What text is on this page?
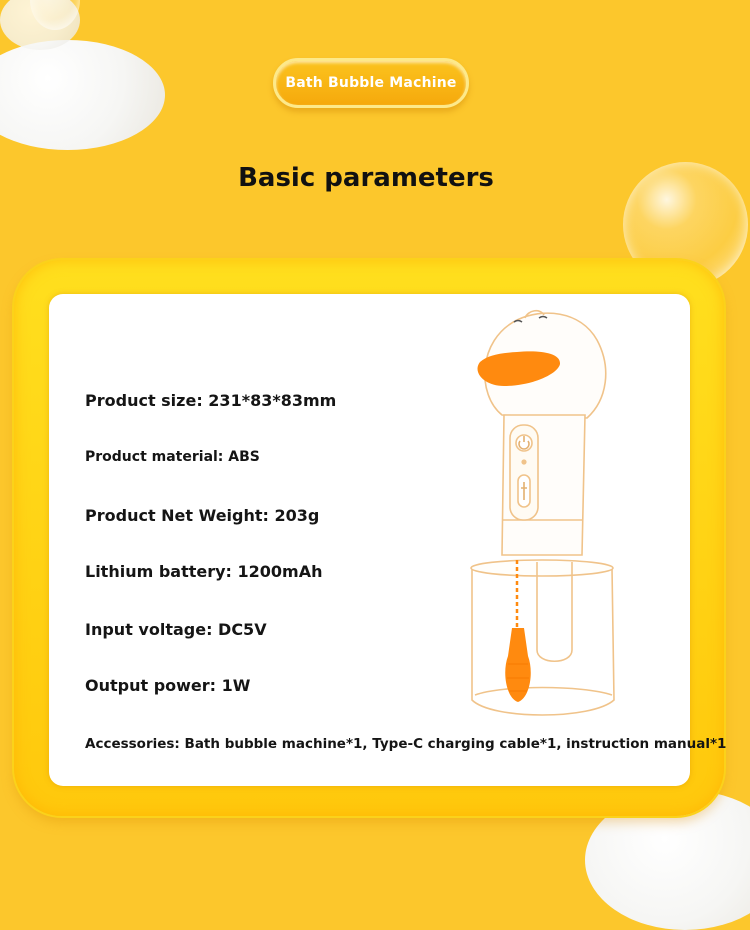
Bath Bubble Machine
Basic parameters
Product size: 231*83*83mm
Product material: ABS
Product Net Weight: 203g
Lithium battery: 1200mAh
Input voltage: DC5V
Output power: 1W
Accessories: Bath bubble machine*1, Type-C charging cable*1, instruction manual*1
